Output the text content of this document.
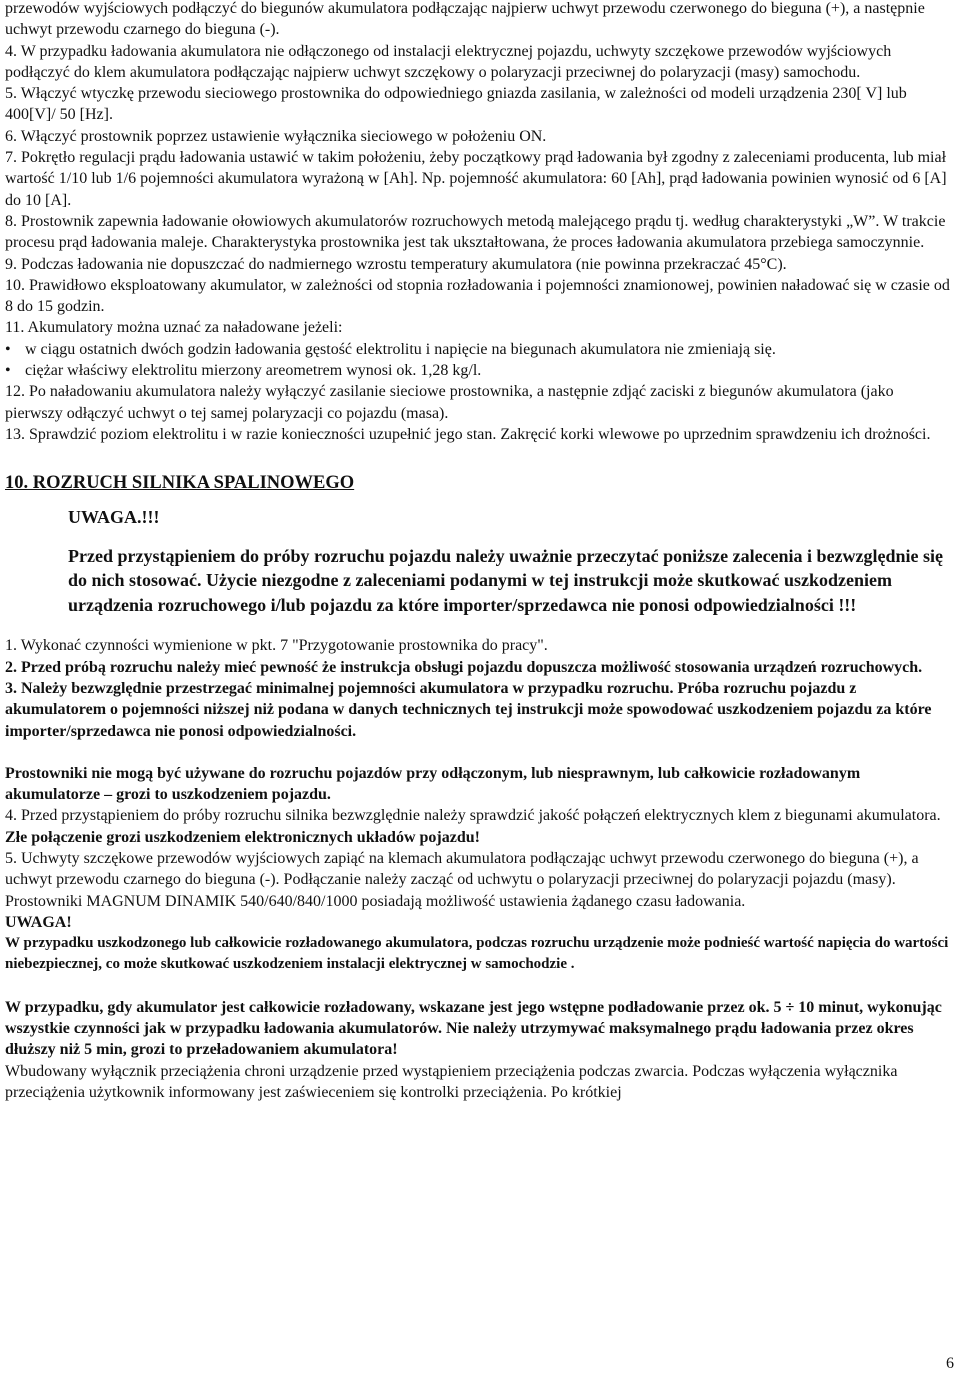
przewodów wyjściowych podłączyć do biegunów akumulatora podłączając najpierw uchwyt przewodu czerwonego do bieguna (+), a następnie uchwyt przewodu czarnego do bieguna (-).

4. W przypadku ładowania akumulatora nie odłączonego od instalacji elektrycznej pojazdu, uchwyty szczękowe przewodów wyjściowych podłączyć do klem akumulatora podłączając najpierw uchwyt szczękowy o polaryzacji przeciwnej do polaryzacji (masy) samochodu.

5. Włączyć wtyczkę przewodu sieciowego prostownika do odpowiedniego gniazda zasilania, w zależności od modeli urządzenia 230[ V] lub 400[V]/ 50 [Hz].

6. Włączyć prostownik poprzez ustawienie wyłącznika sieciowego w położeniu ON.

7. Pokrętło regulacji prądu ładowania ustawić w takim położeniu, żeby początkowy prąd ładowania był zgodny z zaleceniami producenta, lub miał wartość 1/10 lub 1/6 pojemności akumulatora wyrażoną w [Ah]. Np. pojemność akumulatora: 60 [Ah], prąd ładowania powinien wynosić od 6 [A] do 10 [A].

8. Prostownik zapewnia ładowanie ołowiowych akumulatorów rozruchowych metodą malejącego prądu tj. według charakterystyki „W”. W trakcie procesu prąd ładowania maleje. Charakterystyka prostownika jest tak ukształtowana, że proces ładowania akumulatora przebiega samoczynnie.

9. Podczas ładowania nie dopuszczać do nadmiernego wzrostu temperatury akumulatora (nie powinna przekraczać 45°C).

10. Prawidłowo eksploatowany akumulator, w zależności od stopnia rozładowania i pojemności znamionowej, powinien naładować się w czasie od 8 do 15 godzin.

11. Akumulatory można uznać za naładowane jeżeli:

• w ciągu ostatnich dwóch godzin ładowania gęstość elektrolitu i napięcie na biegunach akumulatora nie zmieniają się.
• ciężar właściwy elektrolitu mierzony areometrem wynosi ok. 1,28 kg/l.

12. Po naładowaniu akumulatora należy wyłączyć zasilanie sieciowe prostownika, a następnie zdjąć zaciski z biegunów akumulatora (jako pierwszy odłączyć uchwyt o tej samej polaryzacji co pojazdu (masa).

13. Sprawdzić poziom elektrolitu i w razie konieczności uzupełnić jego stan. Zakręcić korki wlewowe po uprzednim sprawdzeniu ich drożności.

10. ROZRUCH SILNIKA SPALINOWEGO

UWAGA.!!!

Przed przystąpieniem do próby rozruchu pojazdu należy uważnie przeczytać poniższe zalecenia i bezwzględnie się do nich stosować. Użycie niezgodne z zaleceniami podanymi w tej instrukcji może skutkować uszkodzeniem urządzenia rozruchowego i/lub pojazdu za które importer/sprzedawca nie ponosi odpowiedzialności !!!

1. Wykonać czynności wymienione w pkt. 7 "Przygotowanie prostownika do pracy".

2. Przed próbą rozruchu należy mieć pewność że instrukcja obsługi pojazdu dopuszcza możliwość stosowania urządzeń rozruchowych.

3. Należy bezwzględnie przestrzegać minimalnej pojemności akumulatora w przypadku rozruchu. Próba rozruchu pojazdu z akumulatorem o pojemności niższej niż podana w danych technicznych tej instrukcji może spowodować uszkodzeniem pojazdu za które importer/sprzedawca nie ponosi odpowiedzialności.

Prostowniki nie mogą być używane do rozruchu pojazdów przy odłączonym, lub niesprawnym, lub całkowicie rozładowanym akumulatorze – grozi to uszkodzeniem pojazdu.

4. Przed przystąpieniem do próby rozruchu silnika bezwzględnie należy sprawdzić jakość połączeń elektrycznych klem z biegunami akumulatora. Złe połączenie grozi uszkodzeniem elektronicznych układów pojazdu!

5. Uchwyty szczękowe przewodów wyjściowych zapiąć na klemach akumulatora podłączając uchwyt przewodu czerwonego do bieguna (+), a uchwyt przewodu czarnego do bieguna (-). Podłączanie należy zacząć od uchwytu o polaryzacji przeciwnej do polaryzacji pojazdu (masy).

Prostowniki MAGNUM DINAMIK 540/640/840/1000 posiadają możliwość ustawienia żądanego czasu ładowania.

UWAGA!

W przypadku uszkodzonego lub całkowicie rozładowanego akumulatora, podczas rozruchu urządzenie może podnieść wartość napięcia do wartości niebezpiecznej, co może skutkować uszkodzeniem instalacji elektrycznej w samochodzie .

W przypadku, gdy akumulator jest całkowicie rozładowany, wskazane jest jego wstępne podładowanie przez ok. 5 ÷ 10 minut, wykonując wszystkie czynności jak w przypadku ładowania akumulatorów. Nie należy utrzymywać maksymalnego prądu ładowania przez okres dłuższy niż 5 min, grozi to przeładowaniem akumulatora!

Wbudowany wyłącznik przeciążenia chroni urządzenie przed wystąpieniem przeciążenia podczas zwarcia. Podczas wyłączenia wyłącznika przeciążenia użytkownik informowany jest zaświeceniem się kontrolki przeciążenia. Po krótkiej

6
